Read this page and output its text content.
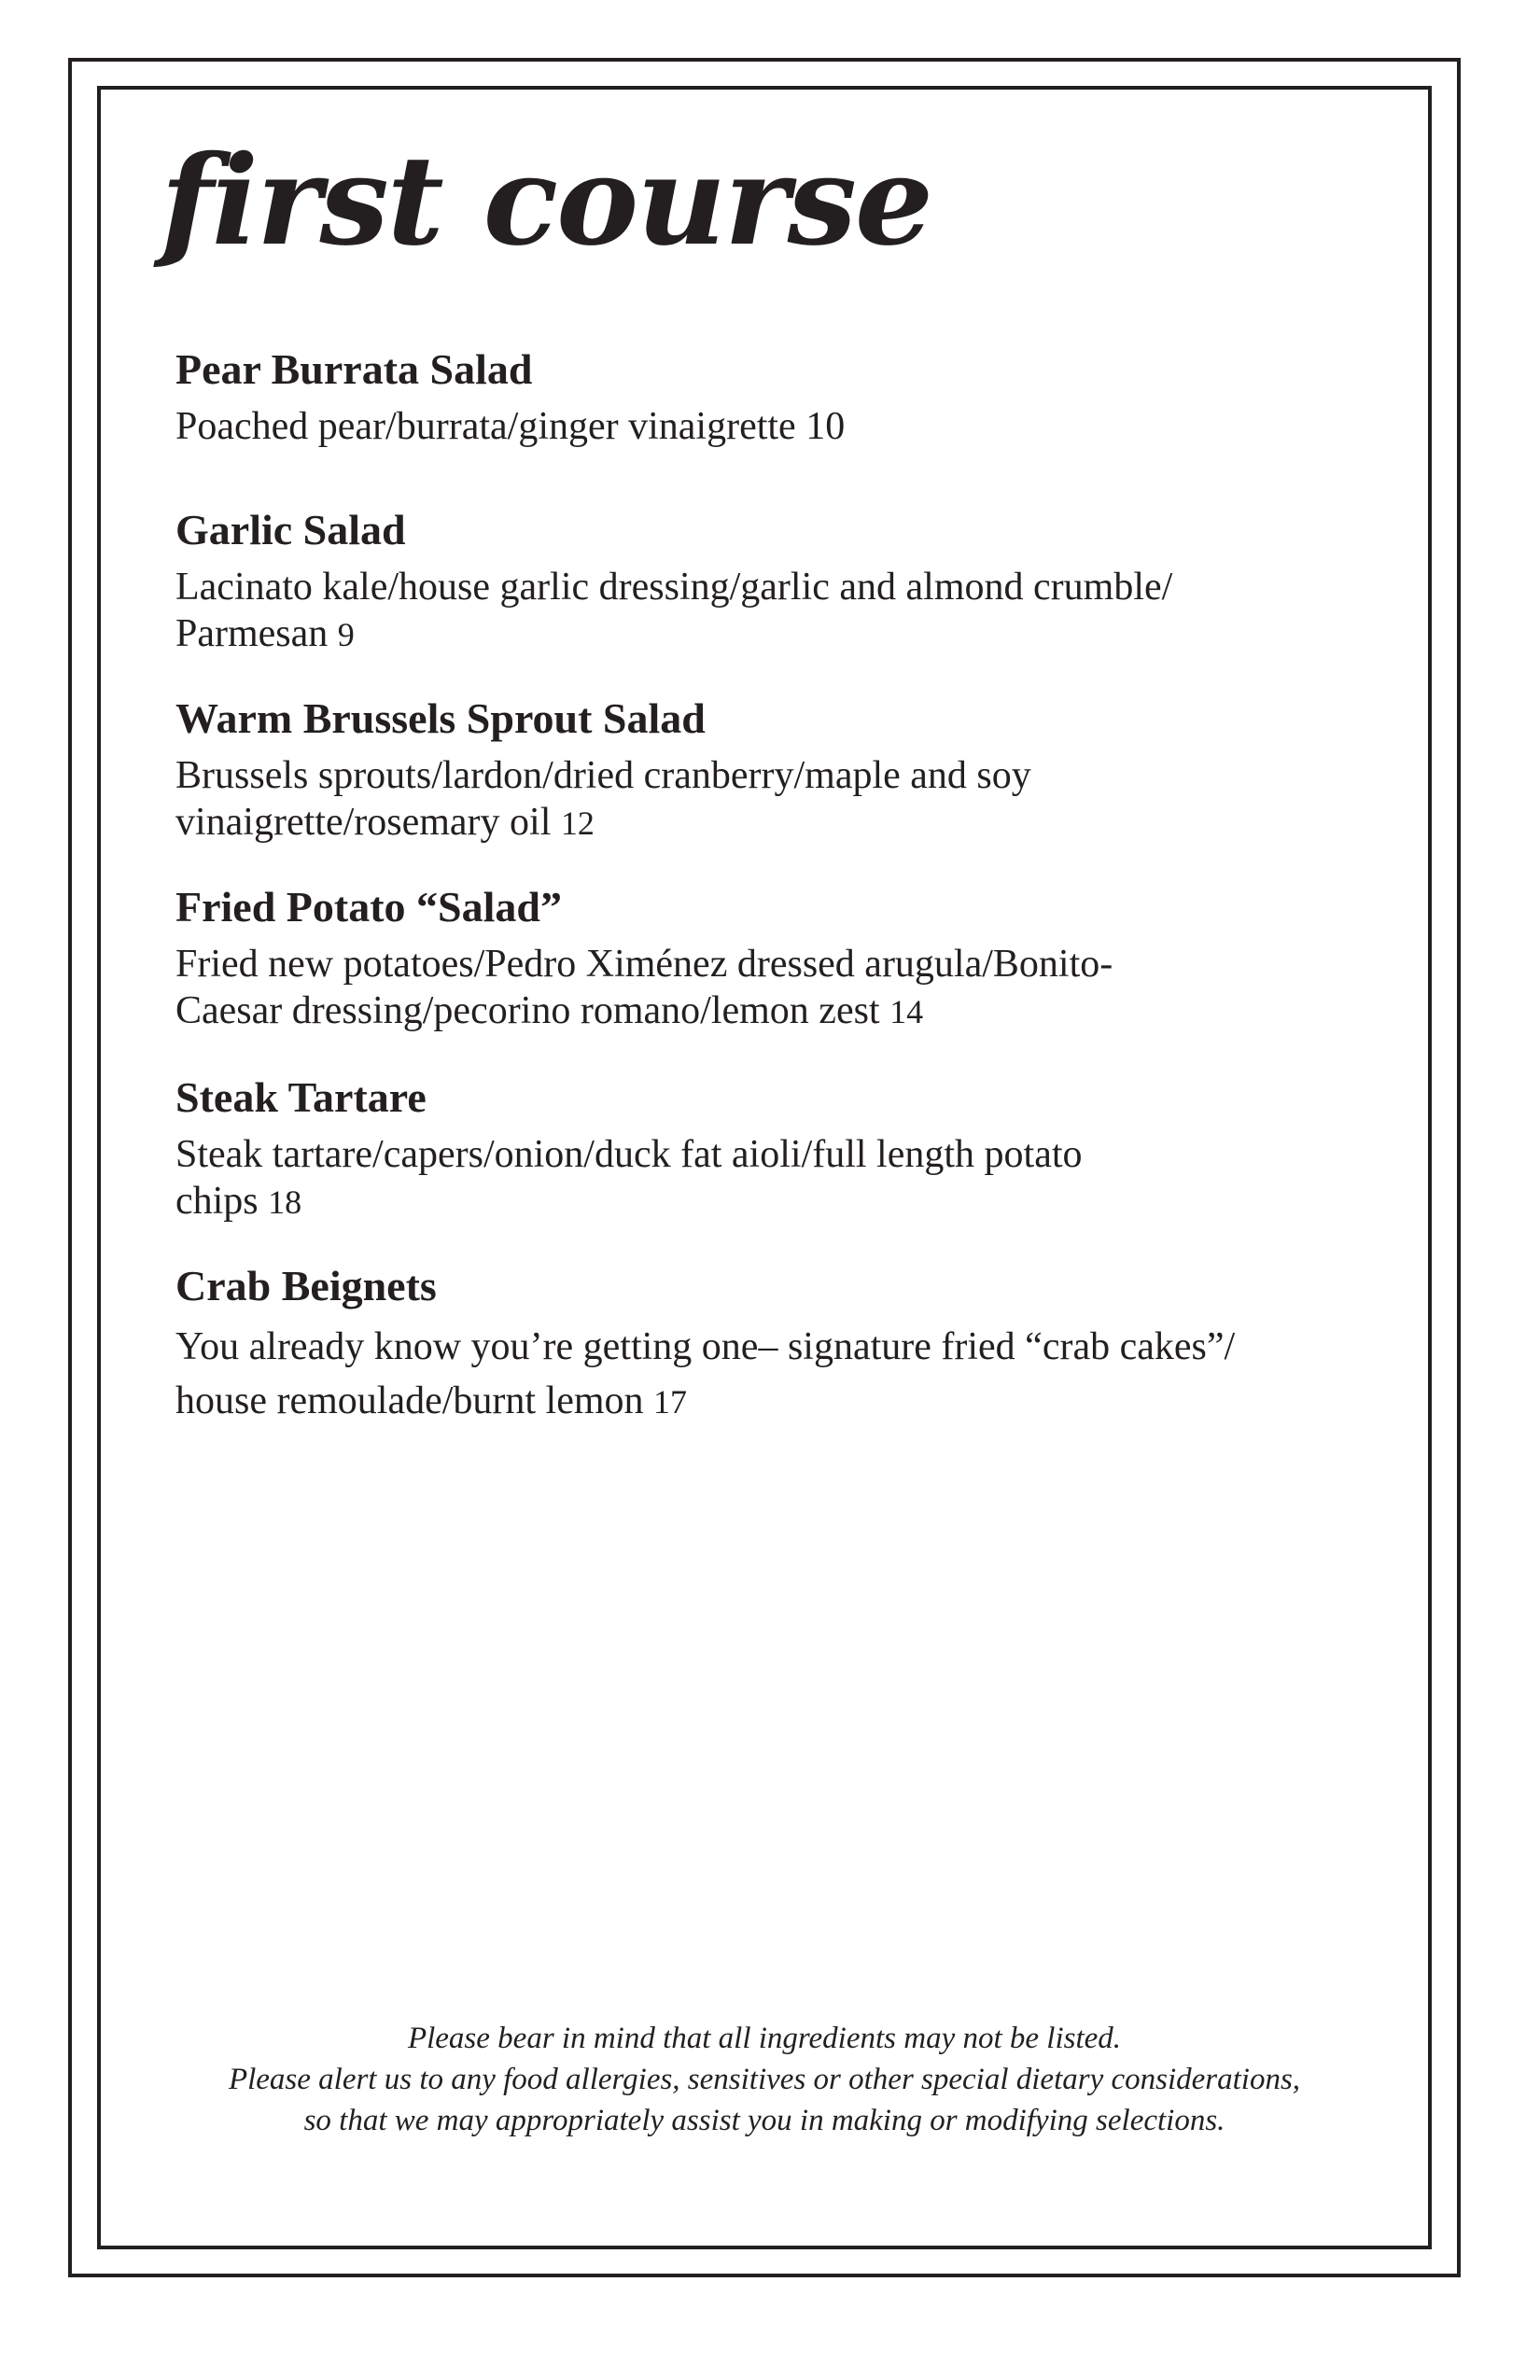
first course

Pear Burrata Salad

Poached pear/burrata/ginger vinaigrette 10

Garlic Salad

Lacinato kale/house garlic dressing/garlic and almond crumble/
Parmesan 9

Warm Brussels Sprout Salad

Brussels sprouts/lardon/dried cranberry/maple and soy
vinaigrette/rosemary oil 12

Fried Potato “Salad”

Fried new potatoes/Pedro Ximénez dressed arugula/Bonito-
Caesar dressing/pecorino romano/lemon zest 14

Steak Tartare

Steak tartare/capers/onion/duck fat aioli/full length potato
chips 18

Crab Beignets

You already know you’re getting one– signature fried “crab cakes”/
house remoulade/burnt lemon 17

Please bear in mind that all ingredients may not be listed.
Please alert us to any food allergies, sensitives or other special dietary considerations,
so that we may appropriately assist you in making or modifying selections.
